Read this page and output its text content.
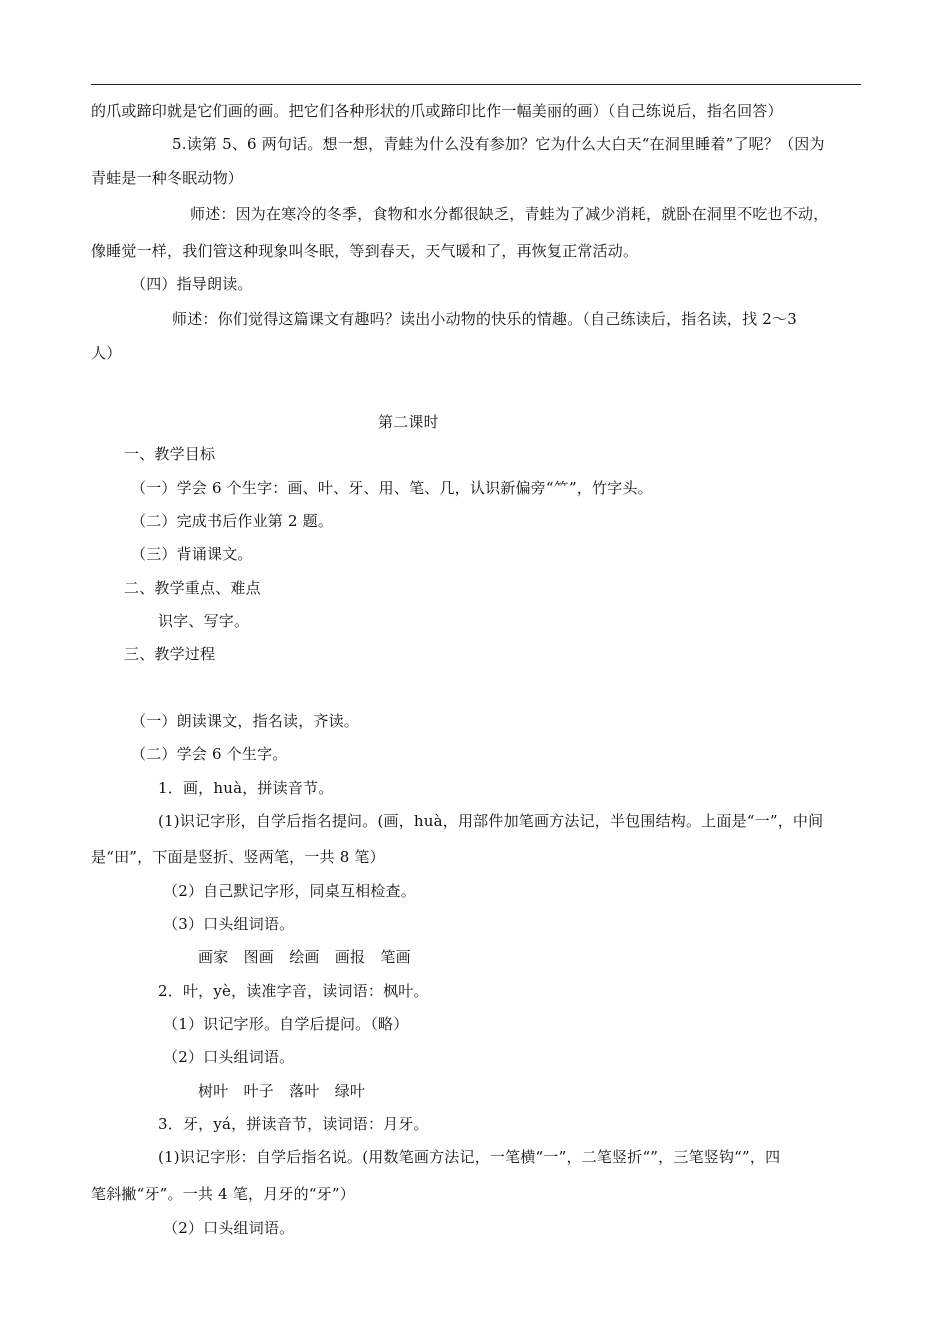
的爪或蹄印就是它们画的画。把它们各种形状的爪或蹄印比作一幅美丽的画）（自己练说后，指名回答）
5.读第 5、6 两句话。想一想，青蛙为什么没有参加？它为什么大白天“在洞里睡着”了呢？（因为
青蛙是一种冬眠动物）
师述：因为在寒冷的冬季，食物和水分都很缺乏，青蛙为了减少消耗，就卧在洞里不吃也不动，
像睡觉一样，我们管这种现象叫冬眠，等到春天，天气暖和了，再恢复正常活动。
（四）指导朗读。
师述：你们觉得这篇课文有趣吗？读出小动物的快乐的情趣。（自己练读后，指名读，找 2～3
人）
第二课时
一、教学目标
（一）学会 6 个生字：画、叶、牙、用、笔、几，认识新偏旁“⺮”，竹字头。
（二）完成书后作业第 2 题。
（三）背诵课文。
二、教学重点、难点
识字、写字。
三、教学过程
（一）朗读课文，指名读，齐读。
（二）学会 6 个生字。
1．画，huà，拼读音节。
(1)识记字形，自学后指名提问。(画，huà，用部件加笔画方法记，半包围结构。上面是“一”，中间
是“田”，下面是竖折、竖两笔，一共 8 笔）
（2）自己默记字形，同桌互相检查。
（3）口头组词语。
画家　图画　绘画　画报　笔画
2．叶，yè，读准字音，读词语：枫叶。
（1）识记字形。自学后提问。（略）
（2）口头组词语。
树叶　叶子　落叶　绿叶
3．牙，yá，拼读音节，读词语：月牙。
(1)识记字形：自学后指名说。(用数笔画方法记，一笔横“一”，二笔竖折“”，三笔竖钩“”，四
笔斜撇“牙”。一共 4 笔，月牙的“牙”）
（2）口头组词语。
